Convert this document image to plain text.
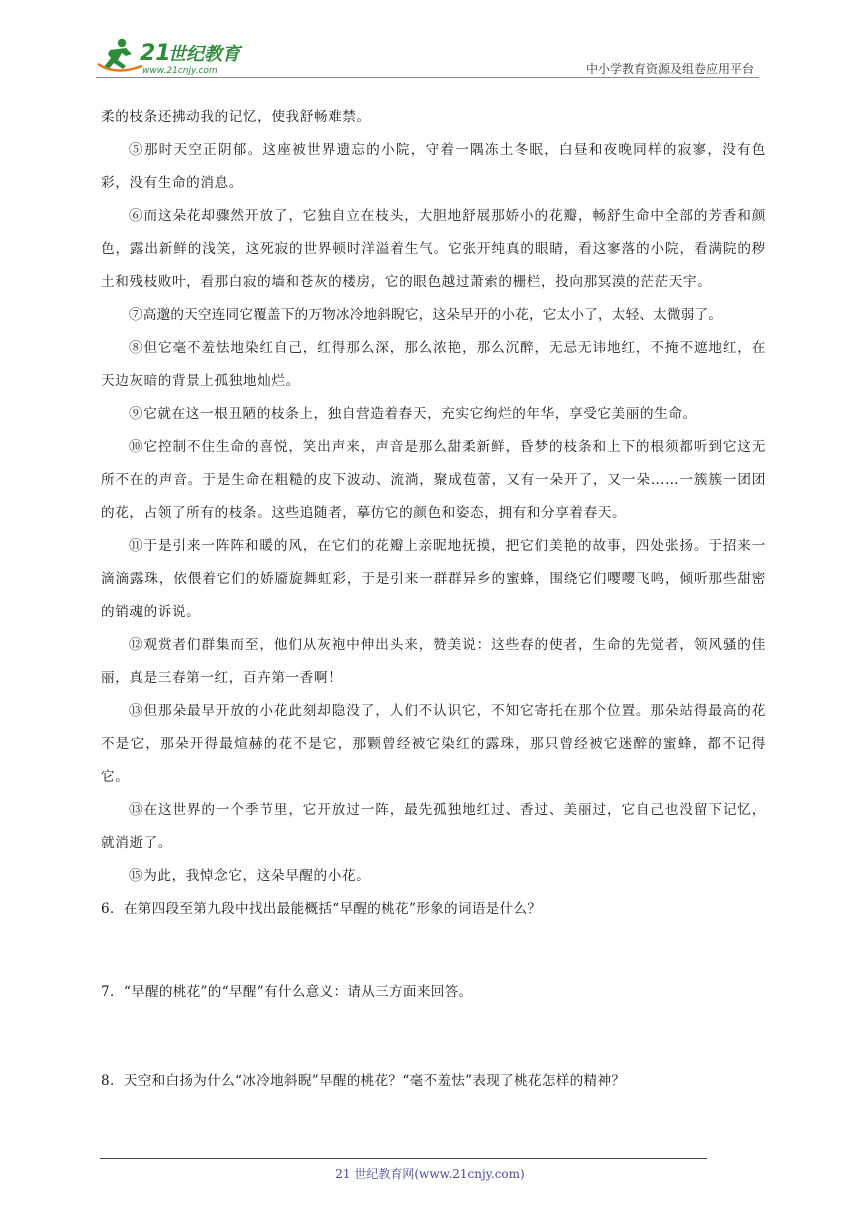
21
世纪教育
www.21cnjy.com	中小学教育资源及组卷应用平台

柔的枝条还拂动我的记忆，使我舒畅难禁。

⑤那时天空正阴郁。这座被世界遗忘的小院，守着一隅冻土冬眠，白昼和夜晚同样的寂寥，没有色彩，没有生命的消息。

⑥而这朵花却骤然开放了，它独自立在枝头，大胆地舒展那娇小的花瓣，畅舒生命中全部的芳香和颜色，露出新鲜的浅笑，这死寂的世界顿时洋溢着生气。它张开纯真的眼睛，看这寥落的小院，看满院的秽土和残枝败叶，看那白寂的墙和苍灰的楼房，它的眼色越过萧索的栅栏，投向那冥漠的茫茫天宇。

⑦高邈的天空连同它覆盖下的万物冰冷地斜睨它，这朵早开的小花，它太小了，太轻、太微弱了。

⑧但它毫不羞怯地染红自己，红得那么深，那么浓艳，那么沉醉，无忌无讳地红，不掩不遮地红，在天边灰暗的背景上孤独地灿烂。

⑨它就在这一根丑陋的枝条上，独自营造着春天，充实它绚烂的年华，享受它美丽的生命。

⑩它控制不住生命的喜悦，笑出声来，声音是那么甜柔新鲜，昏梦的枝条和上下的根须都听到它这无所不在的声音。于是生命在粗糙的皮下波动、流淌，聚成苞蕾，又有一朵开了，又一朵……一簇簇一团团的花，占领了所有的枝条。这些追随者，摹仿它的颜色和姿态，拥有和分享着春天。

⑪于是引来一阵阵和暖的风，在它们的花瓣上亲昵地抚摸，把它们美艳的故事，四处张扬。于招来一滴滴露珠，依偎着它们的娇靥旋舞虹彩，于是引来一群群异乡的蜜蜂，围绕它们嘤嘤飞鸣，倾听那些甜密的销魂的诉说。

⑫观赏者们群集而至，他们从灰袍中伸出头来，赞美说：这些春的使者，生命的先觉者，领风骚的佳丽，真是三春第一红，百卉第一香啊！

⑬但那朵最早开放的小花此刻却隐没了，人们不认识它，不知它寄托在那个位置。那朵站得最高的花不是它，那朵开得最煊赫的花不是它，那颗曾经被它染红的露珠，那只曾经被它迷醉的蜜蜂，都不记得它。

⑬在这世界的一个季节里，它开放过一阵，最先孤独地红过、香过、美丽过，它自己也没留下记忆，就消逝了。

⑮为此，我悼念它，这朵早醒的小花。

6．在第四段至第九段中找出最能概括“早醒的桃花”形象的词语是什么？

7．“早醒的桃花”的“早醒”有什么意义：请从三方面来回答。

8．天空和白扬为什么“冰冷地斜睨”早醒的桃花？“毫不羞怯”表现了桃花怎样的精神？

21 世纪教育网(www.21cnjy.com)
